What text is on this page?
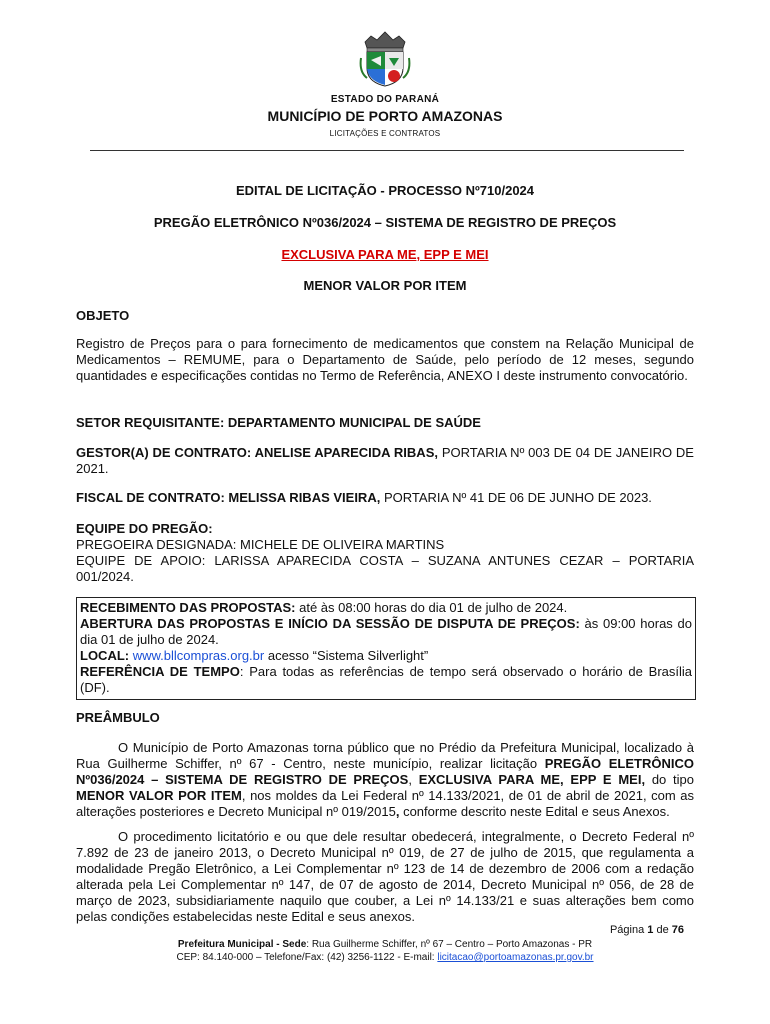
ESTADO DO PARANÁ
MUNICÍPIO DE PORTO AMAZONAS
LICITAÇÕES E CONTRATOS
EDITAL DE LICITAÇÃO - PROCESSO Nº710/2024
PREGÃO ELETRÔNICO Nº036/2024 – SISTEMA DE REGISTRO DE PREÇOS
EXCLUSIVA PARA ME, EPP E MEI
MENOR VALOR POR ITEM
OBJETO
Registro de Preços para o para fornecimento de medicamentos que constem na Relação Municipal de Medicamentos – REMUME, para o Departamento de Saúde, pelo período de 12 meses, segundo quantidades e especificações contidas no Termo de Referência, ANEXO I deste instrumento convocatório.
SETOR REQUISITANTE: DEPARTAMENTO MUNICIPAL DE SAÚDE
GESTOR(A) DE CONTRATO: ANELISE APARECIDA RIBAS, PORTARIA Nº 003 DE 04 DE JANEIRO DE 2021.
FISCAL DE CONTRATO: MELISSA RIBAS VIEIRA, PORTARIA Nº 41 DE 06 DE JUNHO DE 2023.
EQUIPE DO PREGÃO:
PREGOEIRA DESIGNADA: MICHELE DE OLIVEIRA MARTINS
EQUIPE DE APOIO: LARISSA APARECIDA COSTA – SUZANA ANTUNES CEZAR – PORTARIA 001/2024.
RECEBIMENTO DAS PROPOSTAS: até às 08:00 horas do dia 01 de julho de 2024.
ABERTURA DAS PROPOSTAS E INÍCIO DA SESSÃO DE DISPUTA DE PREÇOS: às 09:00 horas do dia 01 de julho de 2024.
LOCAL: www.bllcompras.org.br acesso “Sistema Silverlight”
REFERÊNCIA DE TEMPO: Para todas as referências de tempo será observado o horário de Brasília (DF).
PREÂMBULO
O Município de Porto Amazonas torna público que no Prédio da Prefeitura Municipal, localizado à Rua Guilherme Schiffer, nº 67 - Centro, neste município, realizar licitação PREGÃO ELETRÔNICO Nº036/2024 – SISTEMA DE REGISTRO DE PREÇOS, EXCLUSIVA PARA ME, EPP E MEI, do tipo MENOR VALOR POR ITEM, nos moldes da Lei Federal nº 14.133/2021, de 01 de abril de 2021, com as alterações posteriores e Decreto Municipal nº 019/2015, conforme descrito neste Edital e seus Anexos.
O procedimento licitatório e ou que dele resultar obedecerá, integralmente, o Decreto Federal nº 7.892 de 23 de janeiro 2013, o Decreto Municipal nº 019, de 27 de julho de 2015, que regulamenta a modalidade Pregão Eletrônico, a Lei Complementar nº 123 de 14 de dezembro de 2006 com a redação alterada pela Lei Complementar nº 147, de 07 de agosto de 2014, Decreto Municipal nº 056, de 28 de março de 2023, subsidiariamente naquilo que couber, a Lei nº 14.133/21 e suas alterações bem como pelas condições estabelecidas neste Edital e seus anexos.
Página 1 de 76
Prefeitura Municipal - Sede: Rua Guilherme Schiffer, nº 67 – Centro – Porto Amazonas - PR
CEP: 84.140-000 – Telefone/Fax: (42) 3256-1122 - E-mail: licitacao@portoamazonas.pr.gov.br
